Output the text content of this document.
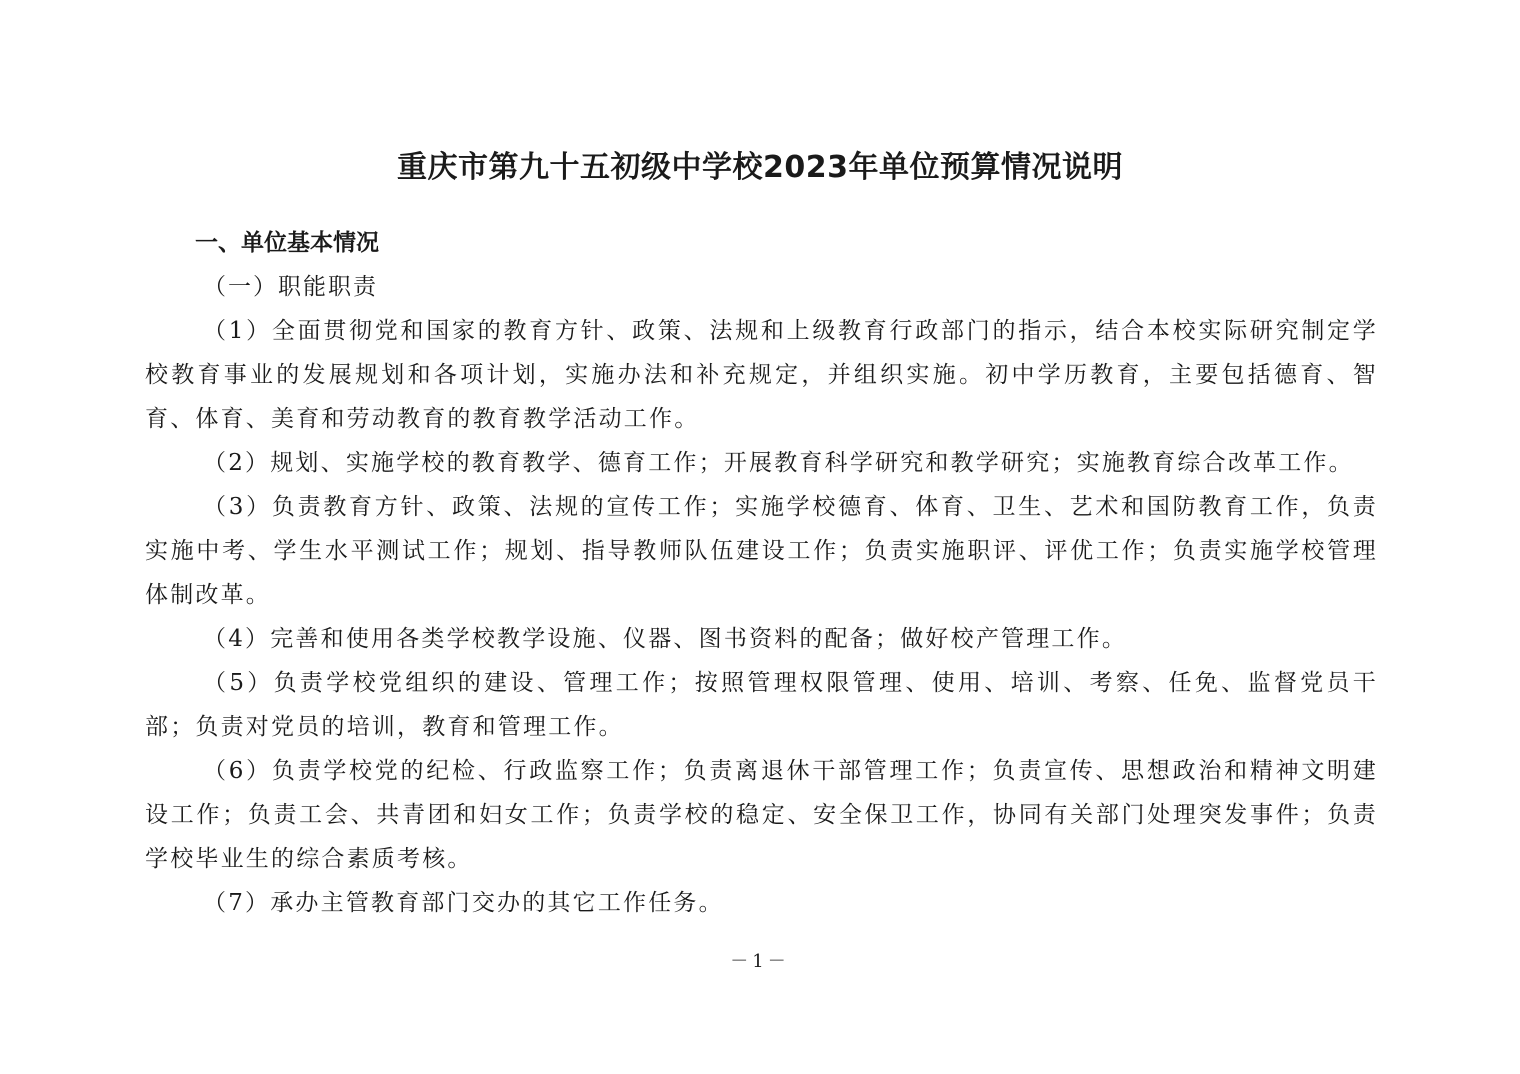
重庆市第九十五初级中学校2023年单位预算情况说明

一、单位基本情况

（一）职能职责

（1）全面贯彻党和国家的教育方针、政策、法规和上级教育行政部门的指示，结合本校实际研究制定学校教育事业的发展规划和各项计划，实施办法和补充规定，并组织实施。初中学历教育，主要包括德育、智育、体育、美育和劳动教育的教育教学活动工作。

（2）规划、实施学校的教育教学、德育工作；开展教育科学研究和教学研究；实施教育综合改革工作。

（3）负责教育方针、政策、法规的宣传工作；实施学校德育、体育、卫生、艺术和国防教育工作，负责实施中考、学生水平测试工作；规划、指导教师队伍建设工作；负责实施职评、评优工作；负责实施学校管理体制改革。

（4）完善和使用各类学校教学设施、仪器、图书资料的配备；做好校产管理工作。

（5）负责学校党组织的建设、管理工作；按照管理权限管理、使用、培训、考察、任免、监督党员干部；负责对党员的培训，教育和管理工作。

（6）负责学校党的纪检、行政监察工作；负责离退休干部管理工作；负责宣传、思想政治和精神文明建设工作；负责工会、共青团和妇女工作；负责学校的稳定、安全保卫工作，协同有关部门处理突发事件；负责学校毕业生的综合素质考核。

（7）承办主管教育部门交办的其它工作任务。

－1－
